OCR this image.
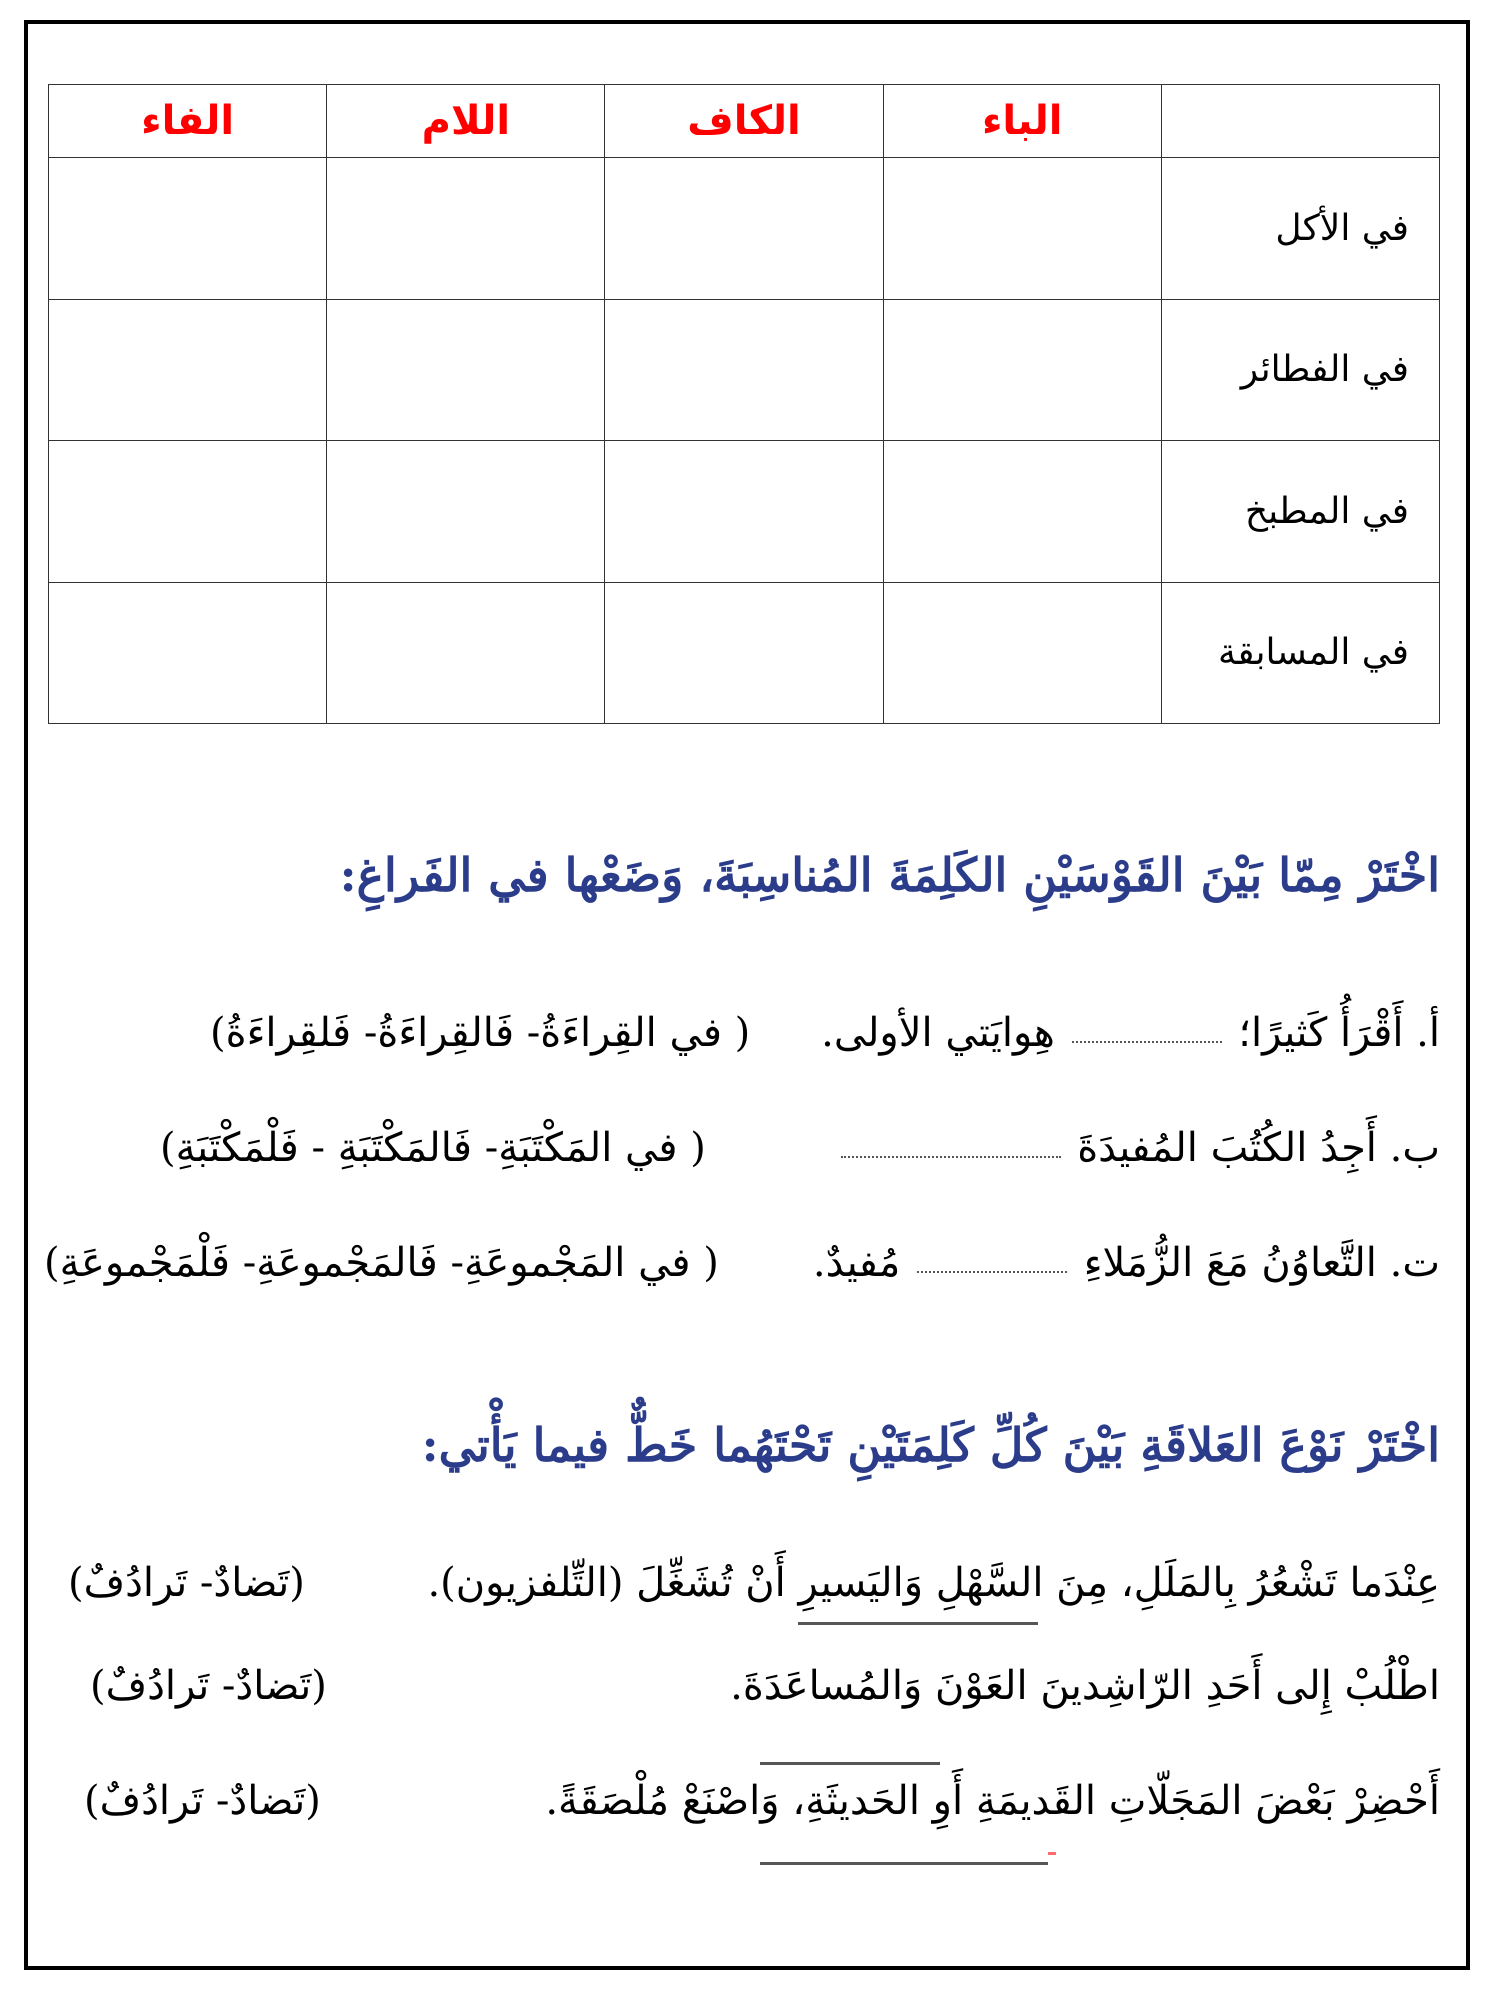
	الباء	الكاف	اللام	الفاء
في الأكل				
في الفطائر				
في المطبخ				
في المسابقة				
اخْتَرْ مِمّا بَيْنَ القَوْسَيْنِ الكَلِمَةَ المُناسِبَةَ، وَضَعْها في الفَراغِ:
أ. أَقْرَأُ كَثيرًا؛  هِوايَتي الأولى.
( في القِراءَةُ- فَالقِراءَةُ- فَلقِراءَةُ)
ب. أَجِدُ الكُتُبَ المُفيدَةَ
( في المَكْتَبَةِ- فَالمَكْتَبَةِ - فَلْمَكْتَبَةِ)
ت. التَّعاوُنُ مَعَ الزُّمَلاءِ  مُفيدٌ.
( في المَجْموعَةِ- فَالمَجْموعَةِ- فَلْمَجْموعَةِ)
اخْتَرْ نَوْعَ العَلاقَةِ بَيْنَ كُلِّ كَلِمَتَيْنِ تَحْتَهُما خَطٌّ فيما يَأْتي:
عِنْدَما تَشْعُرُ بِالمَلَلِ، مِنَ السَّهْلِ وَاليَسيرِ أَنْ تُشَغِّلَ (التِّلفزيون).
(تَضادٌ- تَرادُفٌ)
اطْلُبْ إِلى أَحَدِ الرّاشِدينَ العَوْنَ وَالمُساعَدَةَ.
(تَضادٌ- تَرادُفٌ)
أَحْضِرْ بَعْضَ المَجَلّاتِ القَديمَةِ أَوِ الحَديثَةِ، وَاصْنَعْ مُلْصَقَةً.
(تَضادٌ- تَرادُفٌ)
